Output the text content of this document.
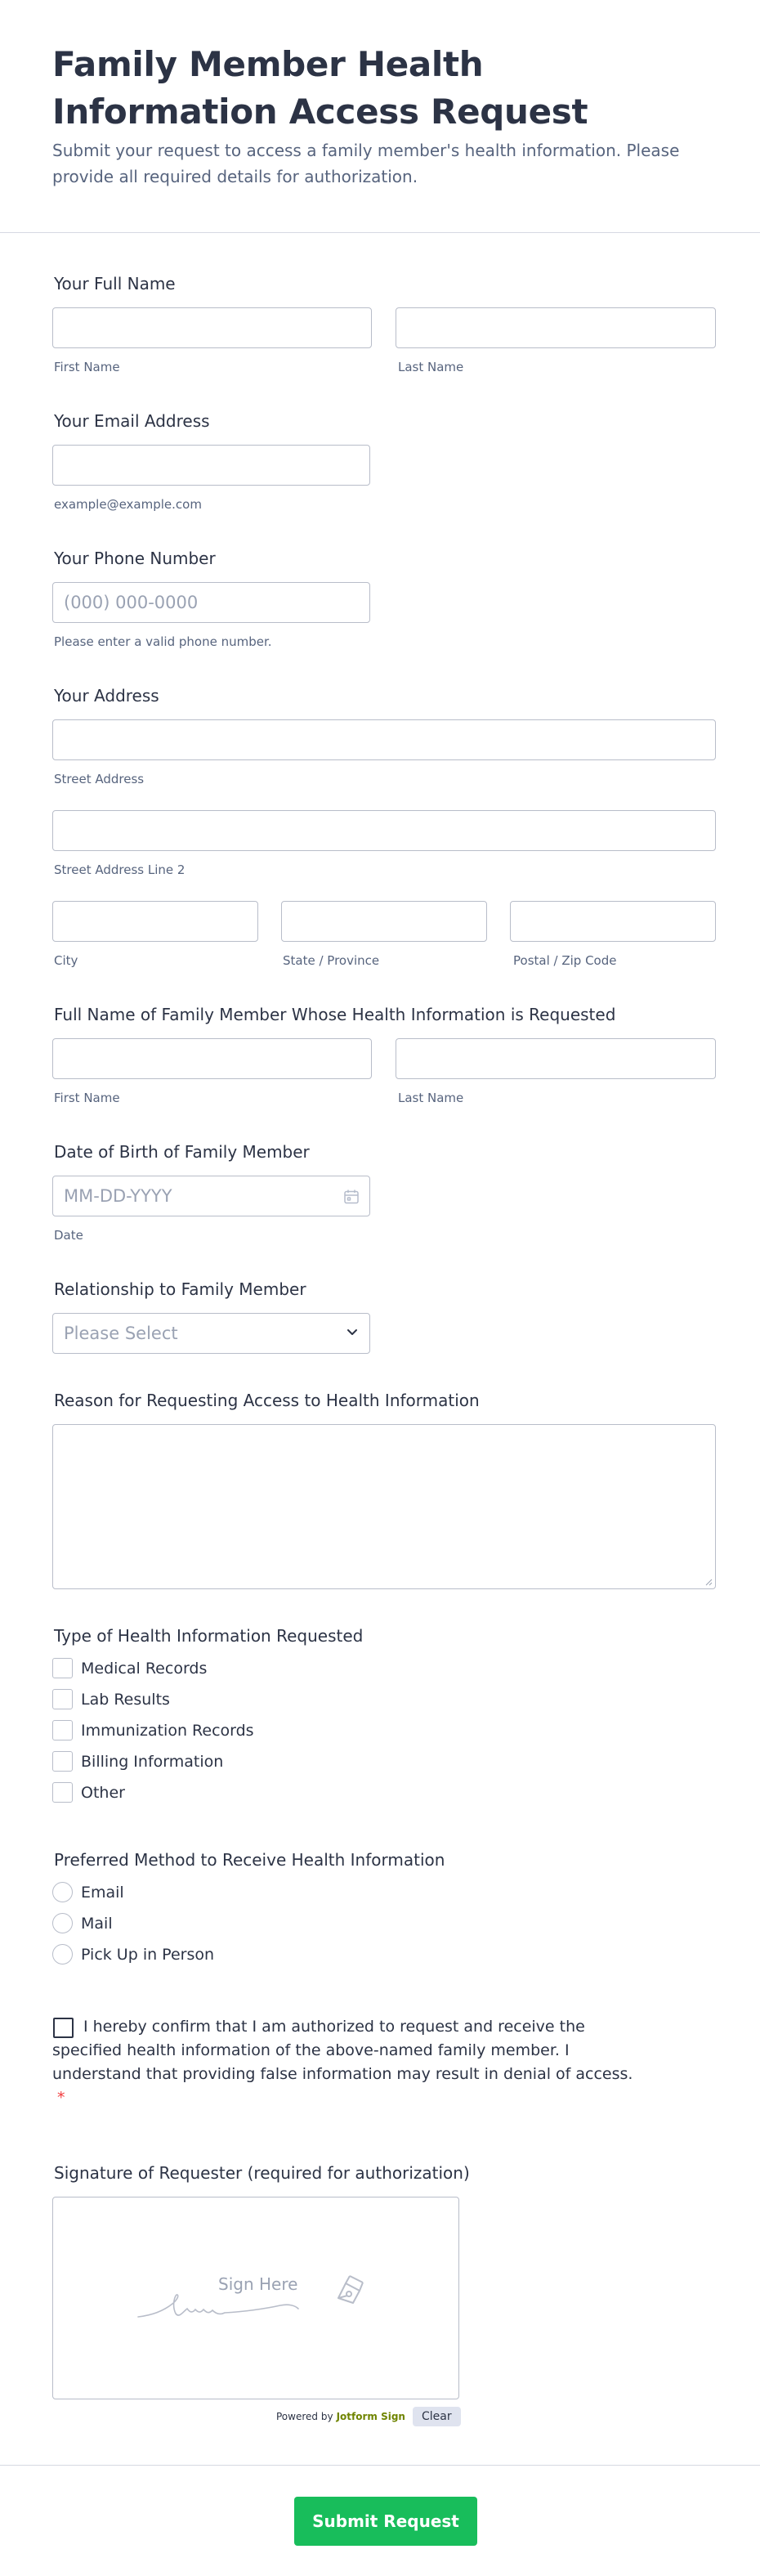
Family Member Health Information Access Request

Submit your request to access a family member's health information. Please provide all required details for authorization.

Your Full Name
First Name	Last Name
Your Email Address
example@example.com
Your Phone Number
(000) 000-0000
Please enter a valid phone number.
Your Address
Street Address
Street Address Line 2
City	State / Province	Postal / Zip Code
Full Name of Family Member Whose Health Information is Requested
First Name	Last Name
Date of Birth of Family Member
MM-DD-YYYY
Date
Relationship to Family Member
Please Select
Reason for Requesting Access to Health Information
Type of Health Information Requested
Medical Records
Lab Results
Immunization Records
Billing Information
Other
Preferred Method to Receive Health Information
Email
Mail
Pick Up in Person
I hereby confirm that I am authorized to request and receive the specified health information of the above-named family member. I understand that providing false information may result in denial of access. *
Signature of Requester (required for authorization)
Sign Here
Powered by Jotform Sign	Clear
Submit Request
